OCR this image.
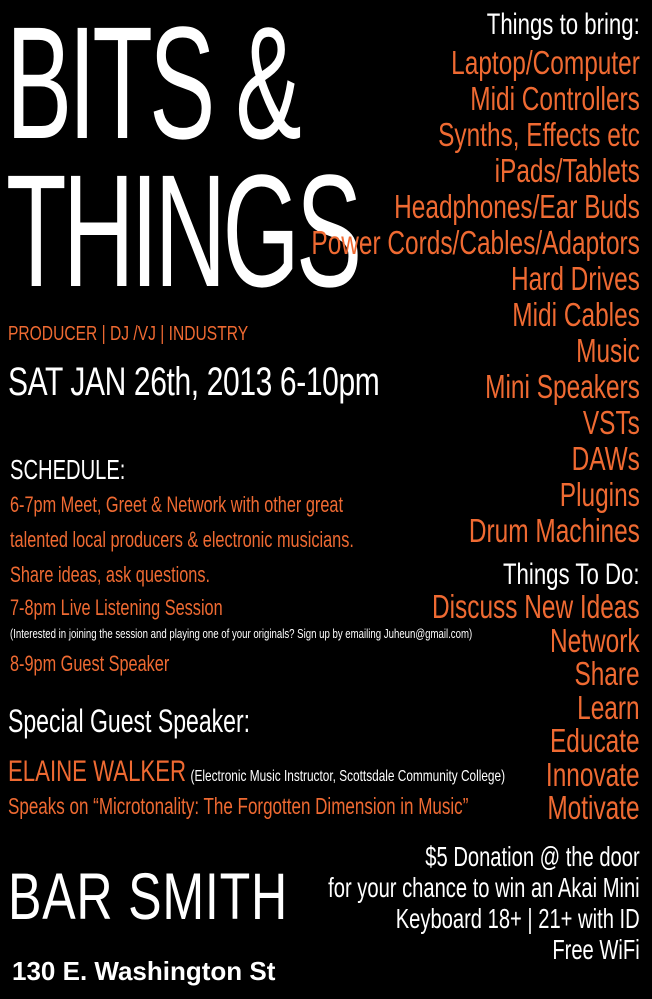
BITS &
THINGS
PRODUCER | DJ /VJ | INDUSTRY
SAT JAN 26th, 2013 6-10pm
SCHEDULE:
6-7pm Meet, Greet & Network with other great
talented local producers & electronic musicians.
Share ideas, ask questions.
7-8pm Live Listening Session
(Interested in joining the session and playing one of your originals? Sign up by emailing Juheun@gmail.com)
8-9pm Guest Speaker
Special Guest Speaker:
ELAINE WALKER (Electronic Music Instructor, Scottsdale Community College)
Speaks on “Microtonality: The Forgotten Dimension in Music”
BAR SMITH
130 E. Washington St
Things to bring:
Laptop/Computer
Midi Controllers
Synths, Effects etc
iPads/Tablets
Headphones/Ear Buds
Power Cords/Cables/Adaptors
Hard Drives
Midi Cables
Music
Mini Speakers
VSTs
DAWs
Plugins
Drum Machines
Things To Do:
Discuss New Ideas
Network
Share
Learn
Educate
Innovate
Motivate
$5 Donation @ the door
for your chance to win an Akai Mini
Keyboard 18+ | 21+ with ID
Free WiFi
